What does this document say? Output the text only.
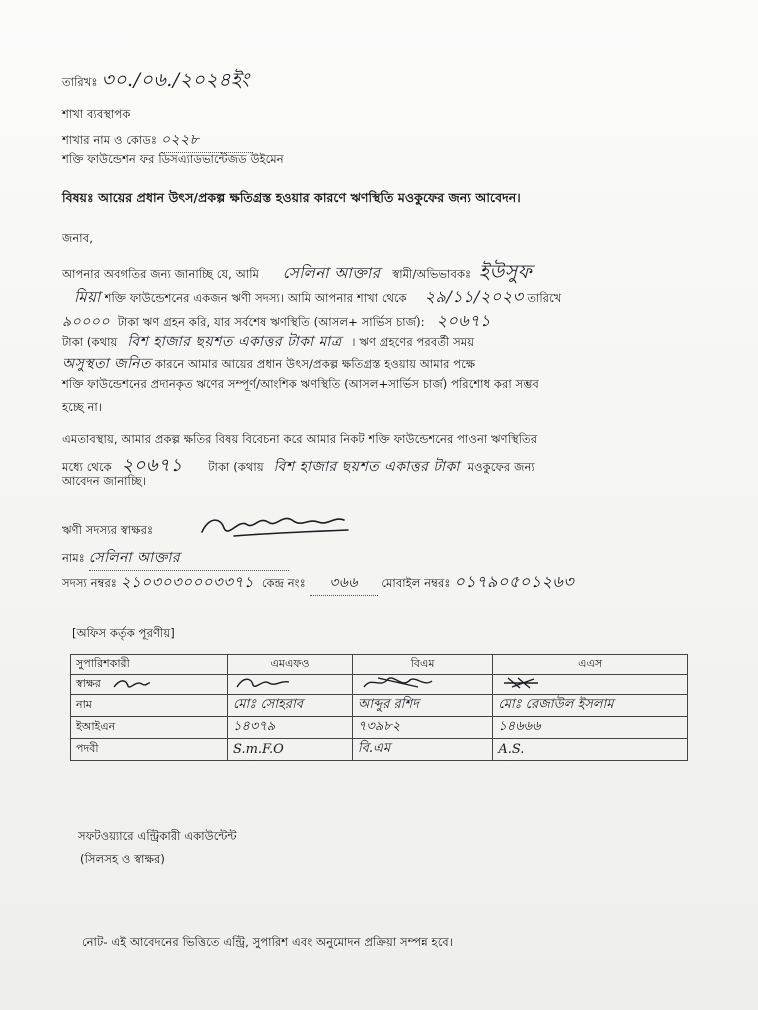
তারিখঃ ৩০./০৬./২০২৪ইং
শাখা ব্যবস্থাপক
শাখার নাম ও কোডঃ ০২২৮
শক্তি ফাউন্ডেশন ফর ডিসএ্যাডভান্টেজড উইমেন
বিষয়ঃ আয়ের প্রধান উৎস/প্রকল্প ক্ষতিগ্রস্ত হওয়ার কারণে ঋণস্থিতি মওকুফের জন্য আবেদন।
জনাব,
আপনার অবগতির জন্য জানাচ্ছি যে, আমি সেলিনা আক্তার স্বামী/অভিভাবকঃ ইউসুফ
মিয়া শক্তি ফাউন্ডেশনের একজন ঋণী সদস্য। আমি আপনার শাখা থেকে ২৯/১১/২০২৩ তারিখে
৯০০০০ টাকা ঋণ গ্রহন করি, যার সর্বশেষ ঋণস্থিতি (আসল+ সার্ভিস চার্জ): ২০৬৭১
টাকা (কথায় বিশ হাজার ছয়শত একাত্তর টাকা মাত্র । ঋণ গ্রহণের পরবর্তী সময়
অসুস্থতা জনিত কারনে আমার আয়ের প্রধান উৎস/প্রকল্প ক্ষতিগ্রস্ত হওয়ায় আমার পক্ষে
শক্তি ফাউন্ডেশনের প্রদানকৃত ঋণের সম্পূর্ণ/আংশিক ঋণস্থিতি (আসল+সার্ভিস চার্জ) পরিশোধ করা সম্ভব
হচ্ছে না।
এমতাবস্থায়, আমার প্রকল্প ক্ষতির বিষয় বিবেচনা করে আমার নিকট শক্তি ফাউন্ডেশনের পাওনা ঋণস্থিতির
মধ্যে থেকে ২০৬৭১ টাকা (কথায় বিশ হাজার ছয়শত একাত্তর টাকা মওকুফের জন্য
আবেদন জানাচ্ছি।
ঋণী সদস্যর স্বাক্ষরঃ
নামঃ সেলিনা আক্তার
সদস্য নম্বরঃ ২১০৩০৩০০০৩৩৭১ কেন্দ্র নংঃ ৩৬৬ মোবাইল নম্বরঃ ০১৭৯০৫০১২৬৩
[অফিস কর্তৃক পূরণীয়]
সুপারিশকারী	এমএফও	বিএম	এএস
স্বাক্ষর			
নাম	মোঃ সোহরাব	আব্দুর রশিদ	মোঃ রেজাউল ইসলাম
ইআইএন	১৪৩৭৯	৭৩৯৮২	১৪৬৬৬
পদবী	S.m.F.O	বি.এম	A.S.
সফটওয়্যারে এন্ট্রিকারী একাউন্টেন্ট
(সিলসহ ও স্বাক্ষর)
নোট- এই আবেদনের ভিত্তিতে এন্ট্রি, সুপারিশ এবং অনুমোদন প্রক্রিয়া সম্পন্ন হবে।
